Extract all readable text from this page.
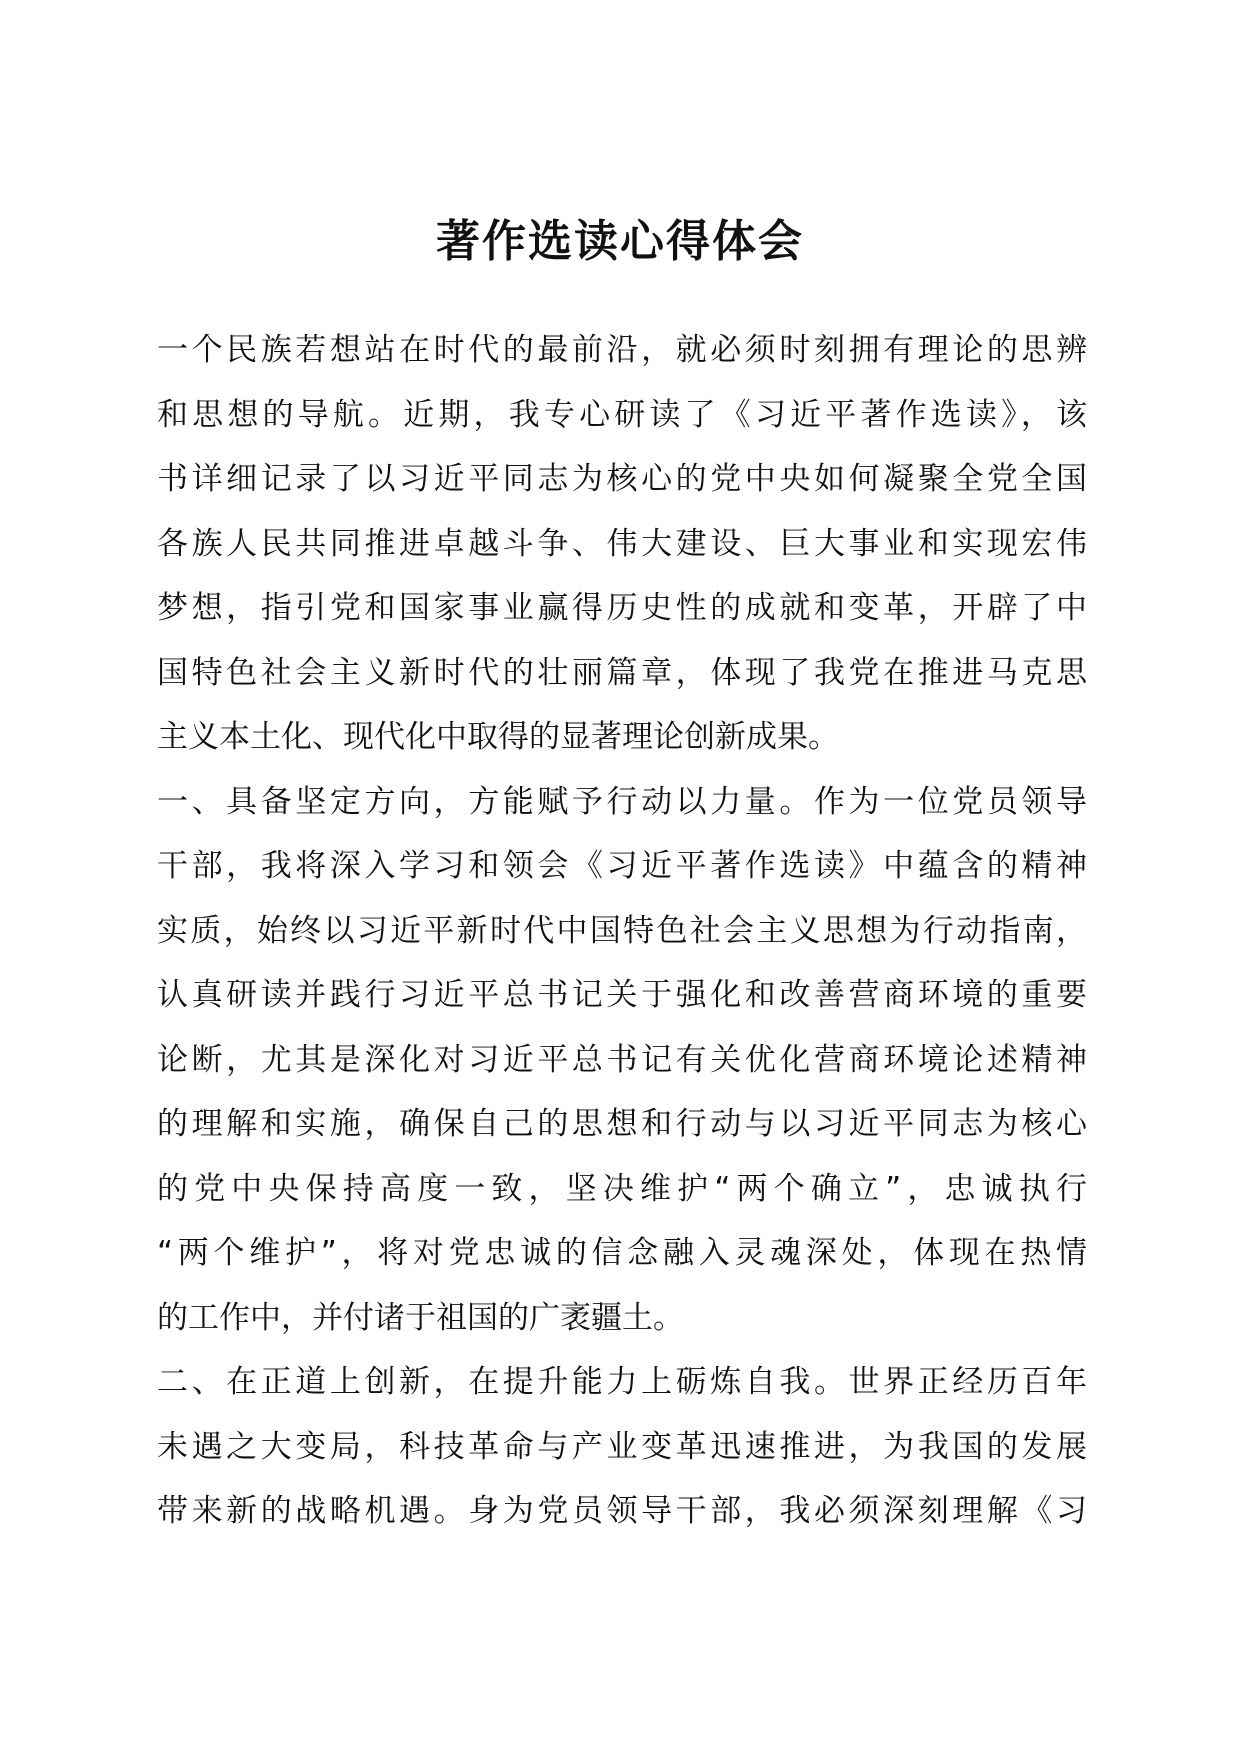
著作选读心得体会
一个民族若想站在时代的最前沿，就必须时刻拥有理论的思辨
和思想的导航。近期，我专心研读了《习近平著作选读》，该
书详细记录了以习近平同志为核心的党中央如何凝聚全党全国
各族人民共同推进卓越斗争、伟大建设、巨大事业和实现宏伟
梦想，指引党和国家事业赢得历史性的成就和变革，开辟了中
国特色社会主义新时代的壮丽篇章，体现了我党在推进马克思
主义本土化、现代化中取得的显著理论创新成果。
一、具备坚定方向，方能赋予行动以力量。作为一位党员领导
干部，我将深入学习和领会《习近平著作选读》中蕴含的精神
实质，始终以习近平新时代中国特色社会主义思想为行动指南，
认真研读并践行习近平总书记关于强化和改善营商环境的重要
论断，尤其是深化对习近平总书记有关优化营商环境论述精神
的理解和实施，确保自己的思想和行动与以习近平同志为核心
的党中央保持高度一致，坚决维护“两个确立”，忠诚执行
“两个维护”，将对党忠诚的信念融入灵魂深处，体现在热情
的工作中，并付诸于祖国的广袤疆土。
二、在正道上创新，在提升能力上砺炼自我。世界正经历百年
未遇之大变局，科技革命与产业变革迅速推进，为我国的发展
带来新的战略机遇。身为党员领导干部，我必须深刻理解《习
